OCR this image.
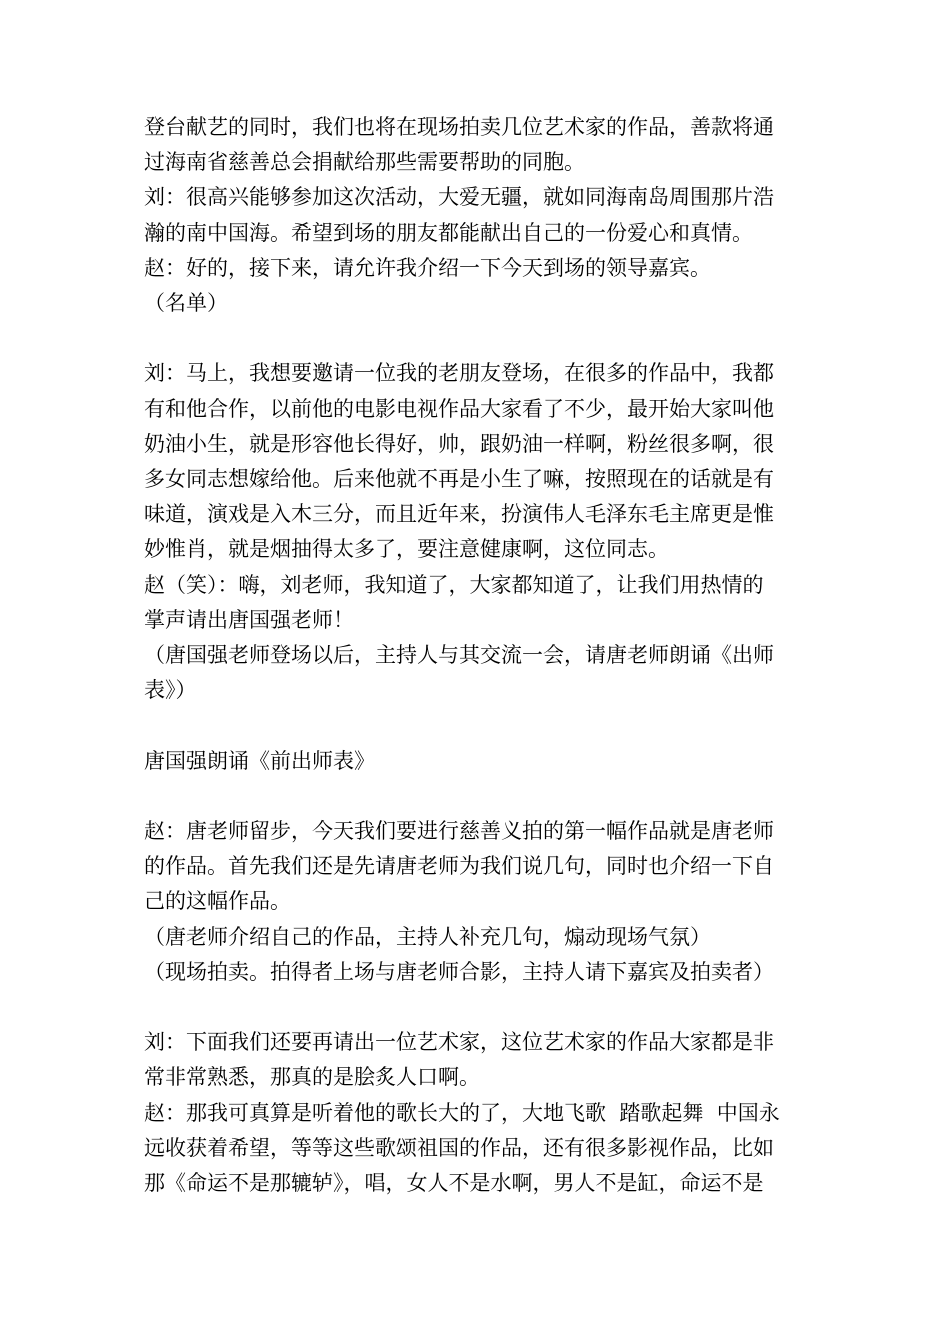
登台献艺的同时，我们也将在现场拍卖几位艺术家的作品，善款将通
过海南省慈善总会捐献给那些需要帮助的同胞。
刘：很高兴能够参加这次活动，大爱无疆，就如同海南岛周围那片浩
瀚的南中国海。希望到场的朋友都能献出自己的一份爱心和真情。
赵：好的，接下来，请允许我介绍一下今天到场的领导嘉宾。
（名单）
刘：马上，我想要邀请一位我的老朋友登场，在很多的作品中，我都
有和他合作，以前他的电影电视作品大家看了不少，最开始大家叫他
奶油小生，就是形容他长得好，帅，跟奶油一样啊，粉丝很多啊，很
多女同志想嫁给他。后来他就不再是小生了嘛，按照现在的话就是有
味道，演戏是入木三分，而且近年来，扮演伟人毛泽东毛主席更是惟
妙惟肖，就是烟抽得太多了，要注意健康啊，这位同志。
赵（笑）：嗨，刘老师，我知道了，大家都知道了，让我们用热情的
掌声请出唐国强老师！
（唐国强老师登场以后，主持人与其交流一会，请唐老师朗诵《出师
表》）
唐国强朗诵《前出师表》
赵：唐老师留步，今天我们要进行慈善义拍的第一幅作品就是唐老师
的作品。首先我们还是先请唐老师为我们说几句，同时也介绍一下自
己的这幅作品。
（唐老师介绍自己的作品，主持人补充几句，煽动现场气氛）
（现场拍卖。拍得者上场与唐老师合影，主持人请下嘉宾及拍卖者）
刘：下面我们还要再请出一位艺术家，这位艺术家的作品大家都是非
常非常熟悉，那真的是脍炙人口啊。
赵：那我可真算是听着他的歌长大的了，大地飞歌  踏歌起舞  中国永
远收获着希望，等等这些歌颂祖国的作品，还有很多影视作品，比如
那《命运不是那辘轳》，唱，女人不是水啊，男人不是缸，命运不是
